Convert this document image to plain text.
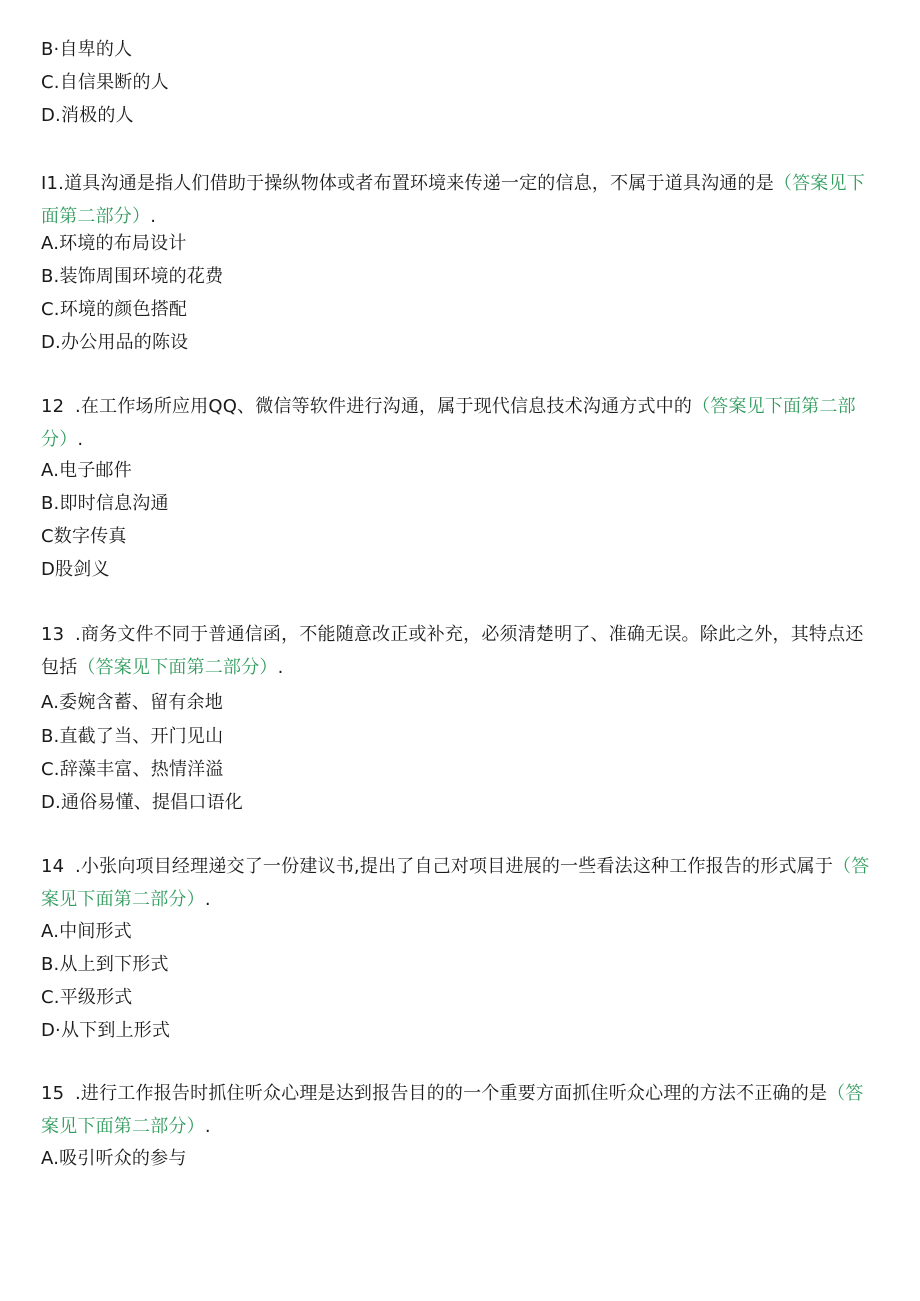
B·自卑的人
C.自信果断的人
D.消极的人
I1.道具沟通是指人们借助于操纵物体或者布置环境来传递一定的信息，不属于道具沟通的是（答案见下面第二部分）.
A.环境的布局设计
B.装饰周围环境的花费
C.环境的颜色搭配
D.办公用品的陈设
12 .在工作场所应用QQ、微信等软件进行沟通，属于现代信息技术沟通方式中的（答案见下面第二部分）.
A.电子邮件
B.即时信息沟通
C数字传真
D股剑义
13 .商务文件不同于普通信函，不能随意改正或补充，必须清楚明了、准确无误。除此之外，其特点还包括（答案见下面第二部分）.
A.委婉含蓄、留有余地
B.直截了当、开门见山
C.辞藻丰富、热情洋溢
D.通俗易懂、提倡口语化
14 .小张向项目经理递交了一份建议书,提出了自己对项目进展的一些看法这种工作报告的形式属于（答案见下面第二部分）.
A.中间形式
B.从上到下形式
C.平级形式
D·从下到上形式
15 .进行工作报告时抓住听众心理是达到报告目的的一个重要方面抓住听众心理的方法不正确的是（答案见下面第二部分）.
A.吸引听众的参与
